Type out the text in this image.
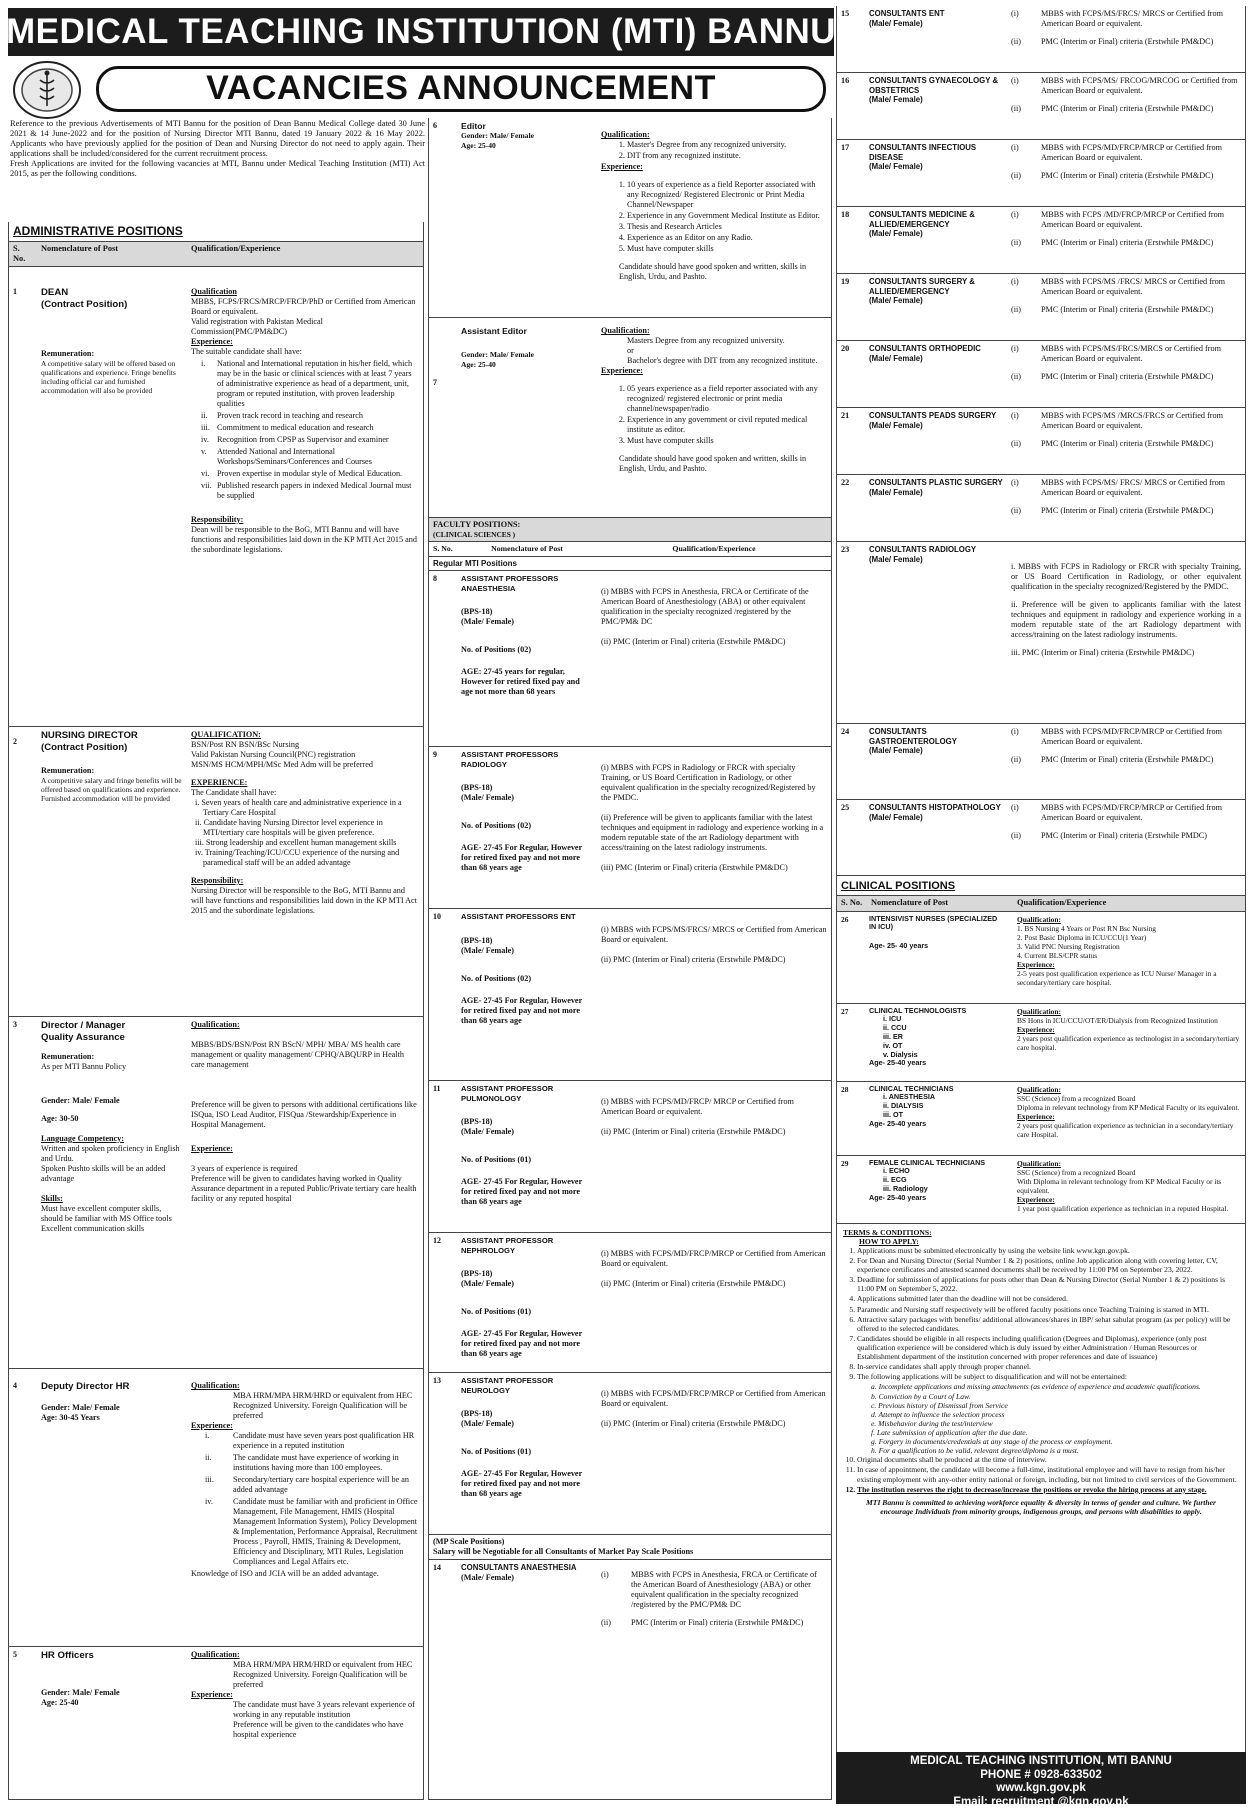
MEDICAL TEACHING INSTITUTION (MTI) BANNU
VACANCIES ANNOUNCEMENT

Reference to the previous Advertisements of MTI Bannu for the position of Dean Bannu Medical College dated 30 June 2021 & 14 June-2022 and for the position of Nursing Director MTI Bannu, dated 19 January 2022 & 16 May 2022. Applicants who have previously applied for the position of Dean and Nursing Director do not need to apply again. Their applications shall be included/considered for the current recruitment process.

Fresh Applications are invited for the following vacancies at MTI, Bannu under Medical Teaching Institution (MTI) Act 2015, as per the following conditions.

ADMINISTRATIVE POSITIONS
S. No.
Nomenclature of Post	Qualification/Experience
1	DEAN
(Contract Position)
Remuneration:
A competitive salary will be offered based on qualifications and experience. Fringe benefits including official car and furnished accommodation will also be provided
Qualification
MBBS, FCPS/FRCS/MRCP/FRCP/PhD or Certified from American Board or equivalent.
Valid registration with Pakistan Medical Commission(PMC/PM&DC)
Experience:
The suitable candidate shall have:
i.	National and International reputation in his/her field, which may be in the basic or clinical sciences with at least 7 years of administrative experience as head of a department, unit, program or reputed institution, with proven leadership qualities
ii.	Proven track record in teaching and research
iii. Commitment to medical education and research
iv. Recognition from CPSP as Supervisor and examiner
v.	Attended National and International Workshops/Seminars/Conferences and Courses
vi. Proven expertise in modular style of Medical Education.
vii. Published research papers in indexed Medical Journal must be supplied
Responsibility:
Dean will be responsible to the BoG, MTI Bannu and will have functions and responsibilities laid down in the KP MTI Act 2015 and the subordinate legislations.
2
NURSING DIRECTOR
(Contract Position)
Remuneration:
A competitive salary and fringe benefits will be offered based on qualifications and experience. Furnished accommodation will be provided
QUALIFICATION:
BSN/Post RN BSN/BSc Nursing
Valid Pakistan Nursing Council(PNC) registration
MSN/MS HCM/MPH/MSc Med Adm will be preferred
EXPERIENCE:
The Candidate shall have:
i. Seven years of health care and administrative experience in a Tertiary Care Hospital
ii. Candidate having Nursing Director level experience in MTI/tertiary care hospitals will be given preference.
iii. Strong leadership and excellent human management skills
iv. Training/Teaching/ICU/CCU experience of the nursing and paramedical staff will be an added advantage
Responsibility:
Nursing Director will be responsible to the BoG, MTI Bannu and will have functions and responsibilities laid down in the KP MTI Act 2015 and the subordinate legislations.
3	Director / Manager
Quality Assurance
Remuneration:
As per MTI Bannu Policy
Gender: Male/ Female
Age: 30-50
Language Competency:
Written and spoken proficiency in English and Urdu.
Spoken Pushto skills will be an added advantage
Skills:
Must have excellent computer skills, should be familiar with MS Office tools
Excellent communication skills
Qualification:
MBBS/BDS/BSN/Post RN BScN/ MPH/ MBA/ MS health care management or quality management/ CPHQ/ABQURP in Health care management
Preference will be given to persons with additional certifications like ISQua, ISO Lead Auditor, FISQua /Stewardship/Experience in Hospital Management.
Experience:
3 years of experience is required
Preference will be given to candidates having worked in Quality Assurance department in a reputed Public/Private tertiary care health facility or any reputed hospital
4	Deputy Director HR
Gender: Male/ Female
Age: 30-45 Years
Qualification:
MBA HRM/MPA HRM/HRD or equivalent from HEC Recognized University. Foreign Qualification will be preferred
Experience:
i.	Candidate must have seven years post qualification HR experience in a reputed institution
ii.	The candidate must have experience of working in institutions having more than 100 employees.
iii.	Secondary/tertiary care hospital experience will be an added advantage
iv.	Candidate must be familiar with and proficient in Office Management, File Management, HMIS (Hospital Management Information System), Policy Development & Implementation, Performance Appraisal, Recruitment Process , Payroll, HMIS, Training & Development, Efficiency and Disciplinary, MTI Rules, Legislation Compliances and Legal Affairs etc.
Knowledge of ISO and JCIA will be an added advantage.
5	HR Officers
Gender: Male/ Female
Age: 25-40
Qualification:
MBA HRM/MPA HRM/HRD or equivalent from HEC Recognized University. Foreign Qualification will be preferred
Experience:
The candidate must have 3 years relevant experience of working in any reputable institution
Preference will be given to the candidates who have hospital experience
6	Editor
Gender: Male/ Female
Age: 25-40
Qualification:
1. Master's Degree from any recognized university.
2. DIT from any recognized institute.
Experience:
1. 10 years of experience as a field Reporter associated with any Recognized/ Registered Electronic or Print Media Channel/Newspaper
2. Experience in any Government Medical Institute as Editor.
3. Thesis and Research Articles
4. Experience as an Editor on any Radio.
5. Must have computer skills
Candidate should have good spoken and written, skills in English, Urdu, and Pashto.
7
Assistant Editor
Gender: Male/ Female
Age: 25-40
Qualification:
Masters Degree from any recognized university.
or
Bachelor's degree with DIT from any recognized institute.
Experience:
1. 05 years experience as a field reporter associated with any recognized/ registered electronic or print media channel/newspaper/radio
2. Experience in any government or civil reputed medical institute as editor.
3. Must have computer skills
Candidate should have good spoken and written, skills in English, Urdu, and Pashto.
FACULTY POSITIONS:
(CLINICAL SCIENCES )
S. No.	Nomenclature of Post	Qualification/Experience
Regular MTI Positions
8	ASSISTANT PROFESSORS ANAESTHESIA
(BPS-18)
(Male/ Female)
No. of Positions (02)
AGE: 27-45 years for regular, However for retired fixed pay and age not more than 68 years
(i) MBBS with FCPS in Anesthesia, FRCA or Certificate of the American Board of Anesthesiology (ABA) or other equivalent qualification in the specialty recognized /registered by the PMC/PM& DC
(ii) PMC (Interim or Final) criteria (Erstwhile PM&DC)
9	ASSISTANT PROFESSORS RADIOLOGY
(BPS-18)
(Male/ Female)
No. of Positions (02)
AGE- 27-45 For Regular, However for retired fixed pay and not more than 68 years age
(i) MBBS with FCPS in Radiology or FRCR with specialty Training, or US Board Certification in Radiology, or other equivalent qualification in the specialty recognized/Registered by the PMDC.
(ii) Preference will be given to applicants familiar with the latest techniques and equipment in radiology and experience working in a modern reputable state of the art Radiology department with access/training on the latest radiology instruments.
(iii) PMC (Interim or Final) criteria (Erstwhile PM&DC)
10	ASSISTANT PROFESSORS ENT
(BPS-18)
(Male/ Female)
No. of Positions (02)
AGE- 27-45 For Regular, However for retired fixed pay and not more than 68 years age
(i) MBBS with FCPS/MS/FRCS/ MRCS or Certified from American Board or equivalent.
(ii) PMC (Interim or Final) criteria (Erstwhile PM&DC)
11	ASSISTANT PROFESSOR PULMONOLOGY
(BPS-18)
(Male/ Female)
No. of Positions (01)
AGE- 27-45 For Regular, However for retired fixed pay and not more than 68 years age
(i) MBBS with FCPS/MD/FRCP/ MRCP or Certified from American Board or equivalent.
(ii) PMC (Interim or Final) criteria (Erstwhile PM&DC)
12	ASSISTANT PROFESSOR NEPHROLOGY
(BPS-18)
(Male/ Female)
No. of Positions (01)
AGE- 27-45 For Regular, However for retired fixed pay and not more than 68 years age
(i) MBBS with FCPS/MD/FRCP/MRCP or Certified from American Board or equivalent.
(ii) PMC (Interim or Final) criteria (Erstwhile PM&DC)
13	ASSISTANT PROFESSOR NEUROLOGY
(BPS-18)
(Male/ Female)
No. of Positions (01)
AGE- 27-45 For Regular, However for retired fixed pay and not more than 68 years age
(i) MBBS with FCPS/MD/FRCP/MRCP or Certified from American Board or equivalent.
(ii) PMC (Interim or Final) criteria (Erstwhile PM&DC)
(MP Scale Positions)
Salary will be Negotiable for all Consultants of Market Pay Scale Positions
14	CONSULTANTS ANAESTHESIA
(Male/ Female)	(i)	MBBS with FCPS in Anesthesia, FRCA or Certificate of the American Board of Anesthesiology (ABA) or other equivalent qualification in the specialty recognized /registered by the PMC/PM& DC
(ii)	PMC (Interim or Final) criteria (Erstwhile PM&DC)
15	CONSULTANTS ENT
(Male/ Female)
(i)	MBBS with FCPS/MS/FRCS/ MRCS or Certified from American Board or equivalent.
(ii)	PMC (Interim or Final) criteria (Erstwhile PM&DC)
16	CONSULTANTS GYNAECOLOGY & OBSTETRICS
(Male/ Female)
(i)	MBBS with FCPS/MS/ FRCOG/MRCOG or Certified from American Board or equivalent.
(ii)	PMC (Interim or Final) criteria (Erstwhile PM&DC)
17	CONSULTANTS INFECTIOUS DISEASE
(Male/ Female)
(i)	MBBS with FCPS/MD/FRCP/MRCP or Certified from American Board or equivalent.
(ii)	PMC (Interim or Final) criteria (Erstwhile PM&DC)
18	CONSULTANTS MEDICINE & ALLIED/EMERGENCY
(Male/ Female)
(i)	MBBS with FCPS /MD/FRCP/MRCP or Certified from American Board or equivalent.
(ii)	PMC (Interim or Final) criteria (Erstwhile PM&DC)
19	CONSULTANTS SURGERY & ALLIED/EMERGENCY
(Male/ Female)
(i)	MBBS with FCPS/MS /FRCS/ MRCS or Certified from American Board or equivalent.
(ii)	PMC (Interim or Final) criteria (Erstwhile PM&DC)
20	CONSULTANTS ORTHOPEDIC
(Male/ Female)
(i)	MBBS with FCPS/MS/FRCS/MRCS or Certified from American Board or equivalent.
(ii)	PMC (Interim or Final) criteria (Erstwhile PM&DC)
21	CONSULTANTS PEADS SURGERY
(Male/ Female)
(i)	MBBS with FCPS/MS /MRCS/FRCS or Certified from American Board or equivalent.
(ii)	PMC (Interim or Final) criteria (Erstwhile PM&DC)
22	CONSULTANTS PLASTIC SURGERY
(Male/ Female)
(i)	MBBS with FCPS/MS/ FRCS/ MRCS or Certified from American Board or equivalent.
(ii)	PMC (Interim or Final) criteria (Erstwhile PM&DC)
23	CONSULTANTS RADIOLOGY
(Male/ Female)
i. MBBS with FCPS in Radiology or FRCR with specialty Training, or US Board Certification in Radiology, or other equivalent qualification in the specialty recognized/Registered by the PMDC.
ii. Preference will be given to applicants familiar with the latest techniques and equipment in radiology and experience working in a modern reputable state of the art Radiology department with access/training on the latest radiology instruments.
iii. PMC (Interim or Final) criteria (Erstwhile PM&DC)
24	CONSULTANTS GASTROENTEROLOGY
(Male/ Female)
(i)	MBBS with FCPS/MD/FRCP/MRCP or Certified from American Board or equivalent.
(ii)	PMC (Interim or Final) criteria (Erstwhile PM&DC)
25	CONSULTANTS HISTOPATHOLOGY
(Male/ Female)
(i)	MBBS with FCPS/MD/FRCP/MRCP or Certified from American Board or equivalent.
(ii)	PMC (Interim or Final) criteria (Erstwhile PMDC)
CLINICAL POSITIONS
S. No.	Nomenclature of Post	Qualification/Experience
26	INTENSIVIST NURSES (SPECIALIZED IN ICU)
Age- 25- 40 years
Qualification:
1. BS Nursing 4 Years or Post RN Bsc Nursing
2. Post Basic Diploma in ICU/CCU(1 Year)
3. Valid PNC Nursing Registration
4. Current BLS/CPR status
Experience:
2-5 years post qualification experience as ICU Nurse/ Manager in a secondary/tertiary care hospital.
27	CLINICAL TECHNOLOGISTS
i. ICU
ii. CCU
iii. ER
iv. OT
v. Dialysis
Age- 25-40 years
Qualification:
BS Hons in ICU/CCU/OT/ER/Dialysis from Recognized Institution
Experience:
2 years post qualification experience as technologist in a secondary/tertiary care hospital.
28	CLINICAL TECHNICIANS
i. ANESTHESIA
ii. DIALYSIS
iii. OT
Age- 25-40 years
Qualification:
SSC (Science) from a recognized Board
Diploma in relevant technology from KP Medical Faculty or its equivalent.
Experience:
2 years post qualification experience as technician in a secondary/tertiary care Hospital.
29	FEMALE CLINICAL TECHNICIANS
i. ECHO
ii. ECG
iii. Radiology
Age- 25-40 years
Qualification:
SSC (Science) from a recognized Board
With Diploma in relevant technology from KP Medical Faculty or its equivalent.
Experience:
1 year post qualification experience as technician in a reputed Hospital.
TERMS & CONDITIONS:
HOW TO APPLY:
1. Applications must be submitted electronically by using the website link www.kgn.gov.pk.
2. For Dean and Nursing Director (Serial Number 1 & 2) positions, online Job application along with covering letter, CV, experience certificates and attested scanned documents shall be received by 11:00 PM on September 23, 2022.
3. Deadline for submission of applications for posts other than Dean & Nursing Director (Serial Number 1 & 2) positions is 11:00 PM on September 5, 2022.
4. Applications submitted later than the deadline will not be considered.
5. Paramedic and Nursing staff respectively will be offered faculty positions once Teaching Training is started in MTI.
6. Attractive salary packages with benefits/ additional allowances/shares in IBP/ sehat sahulat program (as per policy) will be offered to the selected candidates.
7. Candidates should be eligible in all respects including qualification (Degrees and Diplomas), experience (only post qualification experience will be considered which is duly issued by either Administration / Human Resources or Establishment department of the institution concerned with proper references and date of issuance)
8. In-service candidates shall apply through proper channel.
9. The following applications will be subject to disqualification and will not be entertained:
a. Incomplete applications and missing attachments (as evidence of experience and academic qualifications.
b. Conviction by a Court of Law.
c. Previous history of Dismissal from Service
d. Attempt to influence the selection process
e. Misbehavior during the test/interview
f. Late submission of application after the due date.
g. Forgery in documents/credentials at any stage of the process or employment.
h. For a qualification to be valid, relevant degree/diploma is a must.
10. Original documents shall be produced at the time of interview.
11. In case of appointment, the candidate will become a full-time, institutional employee and will have to resign from his/her existing employment with any-other entity national or foreign, including, but not limited to civil services of the Government.
12. The institution reserves the right to decrease/increase the positions or revoke the hiring process at any stage.
MTI Bannu is committed to achieving workforce equality & diversity in terms of gender and culture. We further encourage Individuals from minority groups, indigenous groups, and persons with disabilities to apply.
MEDICAL TEACHING INSTITUTION, MTI BANNU
PHONE # 0928-633502
www.kgn.gov.pk
Email: recruitment @kgn.gov.pk
